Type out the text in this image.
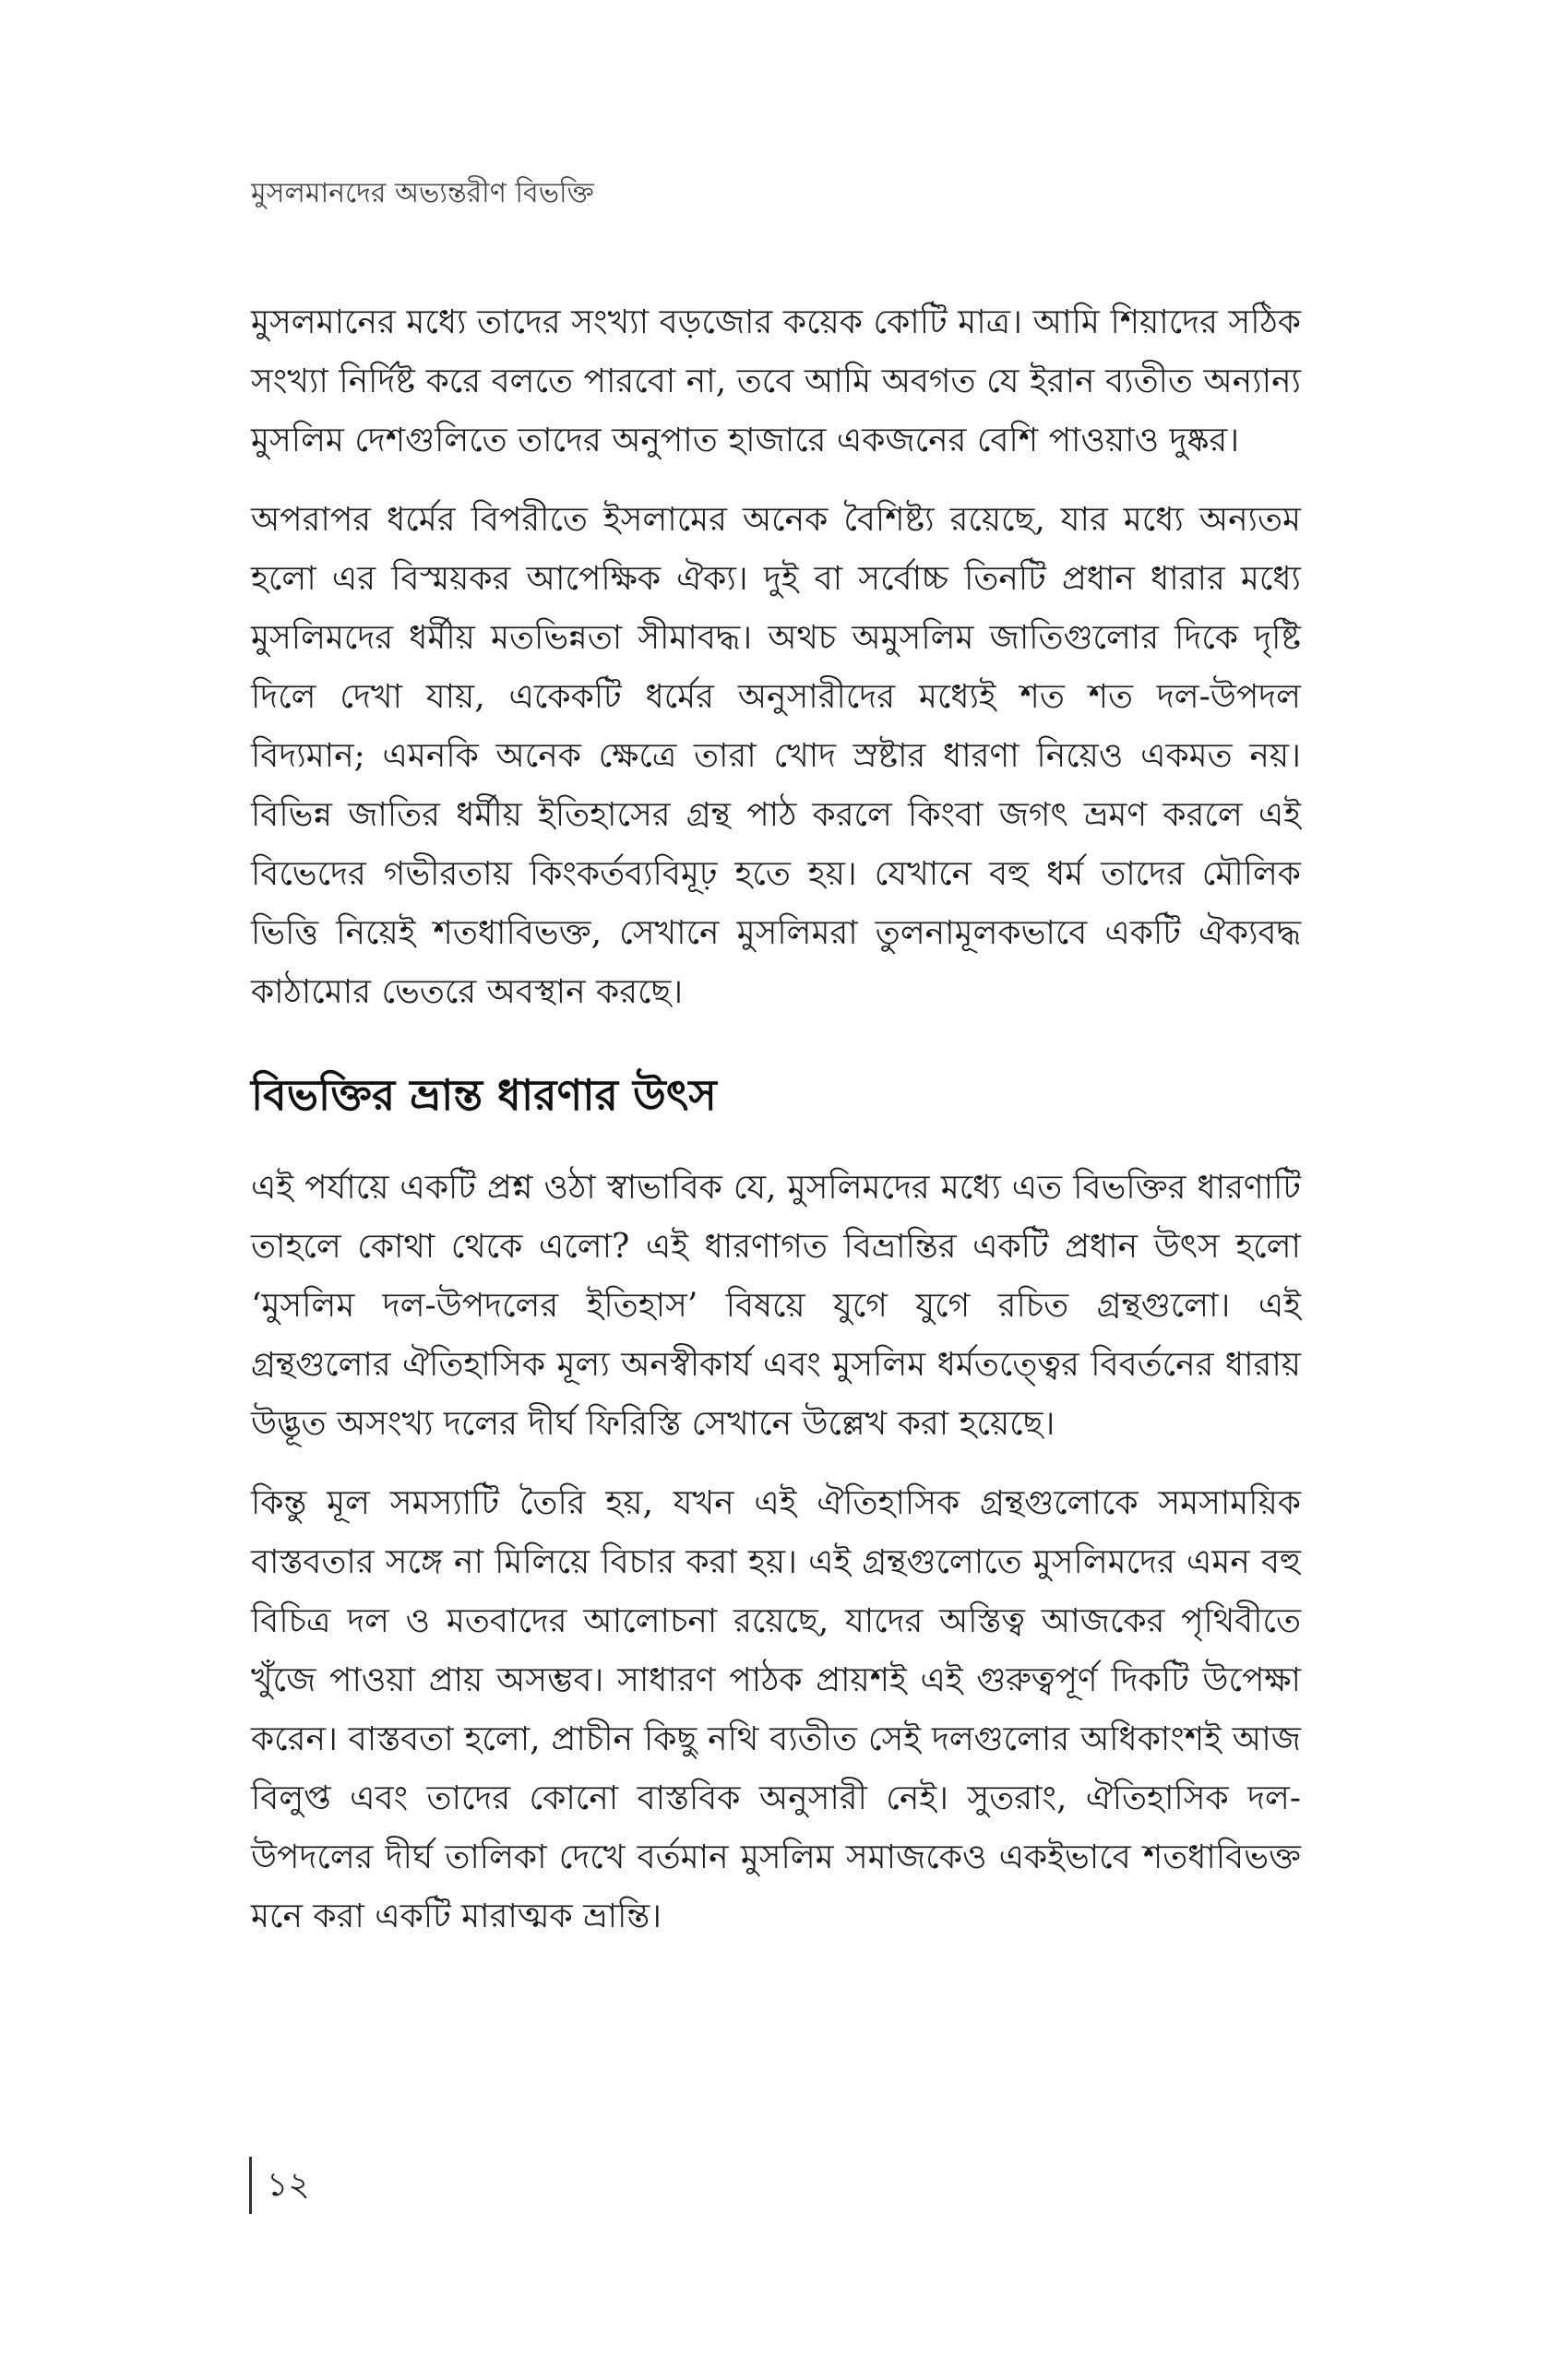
মুসলমানদের অভ্যন্তরীণ বিভক্তি

মুসলমানের মধ্যে তাদের সংখ্যা বড়জোর কয়েক কোটি মাত্র। আমি শিয়াদের সঠিক সংখ্যা নির্দিষ্ট করে বলতে পারবো না, তবে আমি অবগত যে ইরান ব্যতীত অন্যান্য মুসলিম দেশগুলিতে তাদের অনুপাত হাজারে একজনের বেশি পাওয়াও দুষ্কর।

অপরাপর ধর্মের বিপরীতে ইসলামের অনেক বৈশিষ্ট্য রয়েছে, যার মধ্যে অন্যতম হলো এর বিস্ময়কর আপেক্ষিক ঐক্য। দুই বা সর্বোচ্চ তিনটি প্রধান ধারার মধ্যে মুসলিমদের ধর্মীয় মতভিন্নতা সীমাবদ্ধ। অথচ অমুসলিম জাতিগুলোর দিকে দৃষ্টি দিলে দেখা যায়, একেকটি ধর্মের অনুসারীদের মধ্যেই শত শত দল-উপদল বিদ্যমান; এমনকি অনেক ক্ষেত্রে তারা খোদ স্রষ্টার ধারণা নিয়েও একমত নয়। বিভিন্ন জাতির ধর্মীয় ইতিহাসের গ্রন্থ পাঠ করলে কিংবা জগৎ ভ্রমণ করলে এই বিভেদের গভীরতায় কিংকর্তব্যবিমূঢ় হতে হয়। যেখানে বহু ধর্ম তাদের মৌলিক ভিত্তি নিয়েই শতধাবিভক্ত, সেখানে মুসলিমরা তুলনামূলকভাবে একটি ঐক্যবদ্ধ কাঠামোর ভেতরে অবস্থান করছে।

বিভক্তির ভ্রান্ত ধারণার উৎস

এই পর্যায়ে একটি প্রশ্ন ওঠা স্বাভাবিক যে, মুসলিমদের মধ্যে এত বিভক্তির ধারণাটি তাহলে কোথা থেকে এলো? এই ধারণাগত বিভ্রান্তির একটি প্রধান উৎস হলো ‘মুসলিম দল-উপদলের ইতিহাস’ বিষয়ে যুগে যুগে রচিত গ্রন্থগুলো। এই গ্রন্থগুলোর ঐতিহাসিক মূল্য অনস্বীকার্য এবং মুসলিম ধর্মতত্ত্বের বিবর্তনের ধারায় উদ্ভূত অসংখ্য দলের দীর্ঘ ফিরিস্তি সেখানে উল্লেখ করা হয়েছে।

কিন্তু মূল সমস্যাটি তৈরি হয়, যখন এই ঐতিহাসিক গ্রন্থগুলোকে সমসাময়িক বাস্তবতার সঙ্গে না মিলিয়ে বিচার করা হয়। এই গ্রন্থগুলোতে মুসলিমদের এমন বহু বিচিত্র দল ও মতবাদের আলোচনা রয়েছে, যাদের অস্তিত্ব আজকের পৃথিবীতে খুঁজে পাওয়া প্রায় অসম্ভব। সাধারণ পাঠক প্রায়শই এই গুরুত্বপূর্ণ দিকটি উপেক্ষা করেন। বাস্তবতা হলো, প্রাচীন কিছু নথি ব্যতীত সেই দলগুলোর অধিকাংশই আজ বিলুপ্ত এবং তাদের কোনো বাস্তবিক অনুসারী নেই। সুতরাং, ঐতিহাসিক দল-উপদলের দীর্ঘ তালিকা দেখে বর্তমান মুসলিম সমাজকেও একইভাবে শতধাবিভক্ত মনে করা একটি মারাত্মক ভ্রান্তি।

১২
